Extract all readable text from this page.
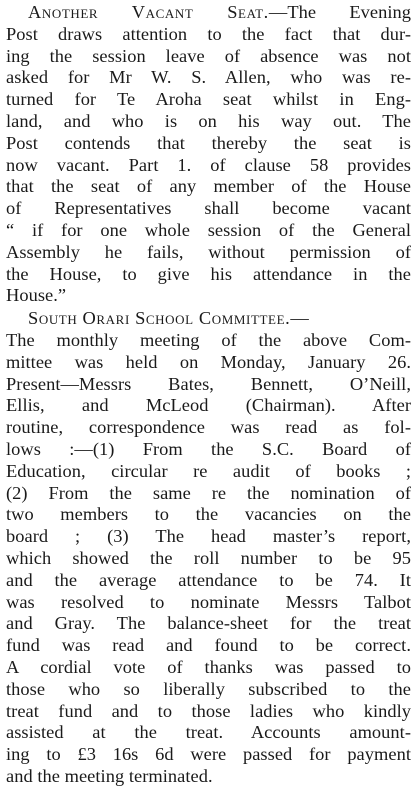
Another Vacant Seat.—The Evening
Post draws attention to the fact that dur-
ing the session leave of absence was not
asked for Mr W. S. Allen, who was re-
turned for Te Aroha seat whilst in Eng-
land, and who is on his way out. The
Post contends that thereby the seat is
now vacant. Part 1. of clause 58 provides
that the seat of any member of the House
of Representatives shall become vacant
“ if for one whole session of the General
Assembly he fails, without permission of
the House, to give his attendance in the
House.”

South Orari School Committee.—
The monthly meeting of the above Com-
mittee was held on Monday, January 26.
Present—Messrs Bates, Bennett, O’Neill,
Ellis, and McLeod (Chairman). After
routine, correspondence was read as fol-
lows :—(1) From the S.C. Board of
Education, circular re audit of books ;
(2) From the same re the nomination of
two members to the vacancies on the
board ; (3) The head master’s report,
which showed the roll number to be 95
and the average attendance to be 74. It
was resolved to nominate Messrs Talbot
and Gray. The balance-sheet for the treat
fund was read and found to be correct.
A cordial vote of thanks was passed to
those who so liberally subscribed to the
treat fund and to those ladies who kindly
assisted at the treat. Accounts amount-
ing to £3 16s 6d were passed for payment
and the meeting terminated.
